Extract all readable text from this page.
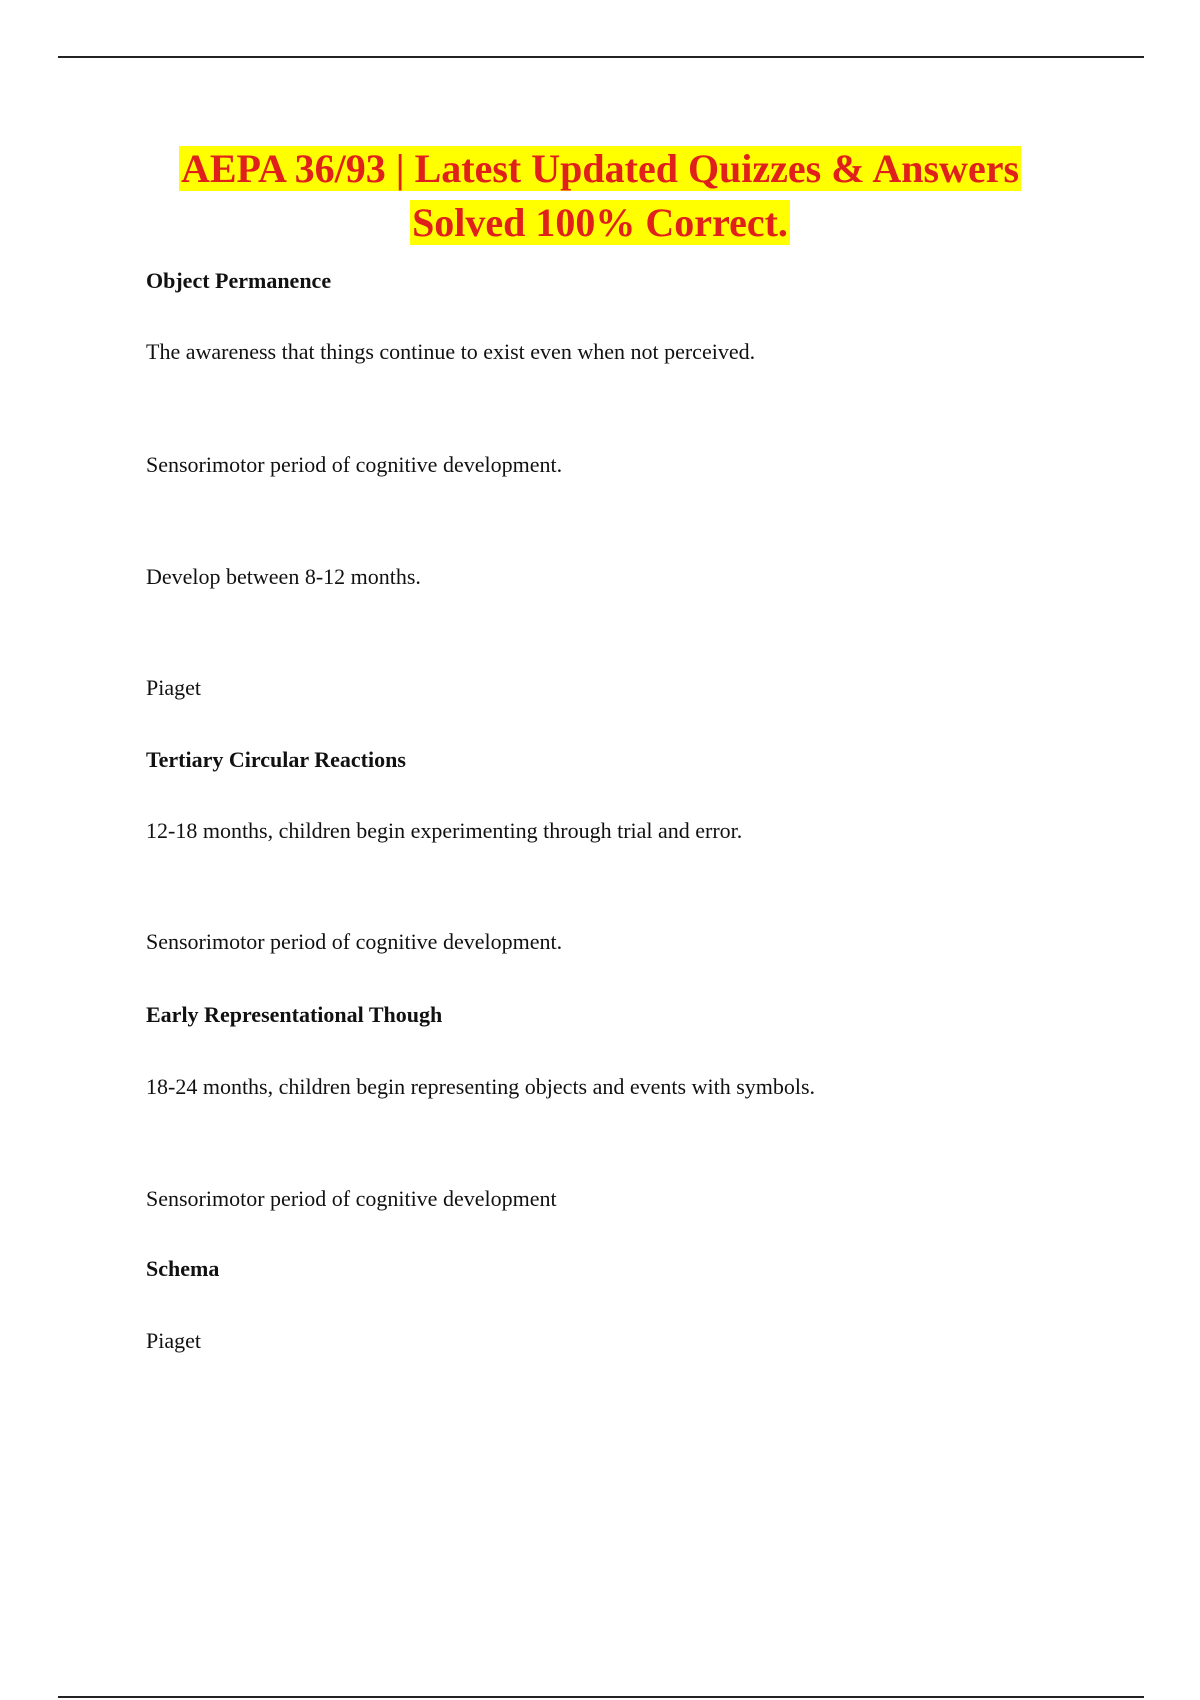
AEPA 36/93 | Latest Updated Quizzes & Answers
Solved 100% Correct.
Object Permanence
The awareness that things continue to exist even when not perceived.
Sensorimotor period of cognitive development.
Develop between 8-12 months.
Piaget
Tertiary Circular Reactions
12-18 months, children begin experimenting through trial and error.
Sensorimotor period of cognitive development.
Early Representational Though
18-24 months, children begin representing objects and events with symbols.
Sensorimotor period of cognitive development
Schema
Piaget
